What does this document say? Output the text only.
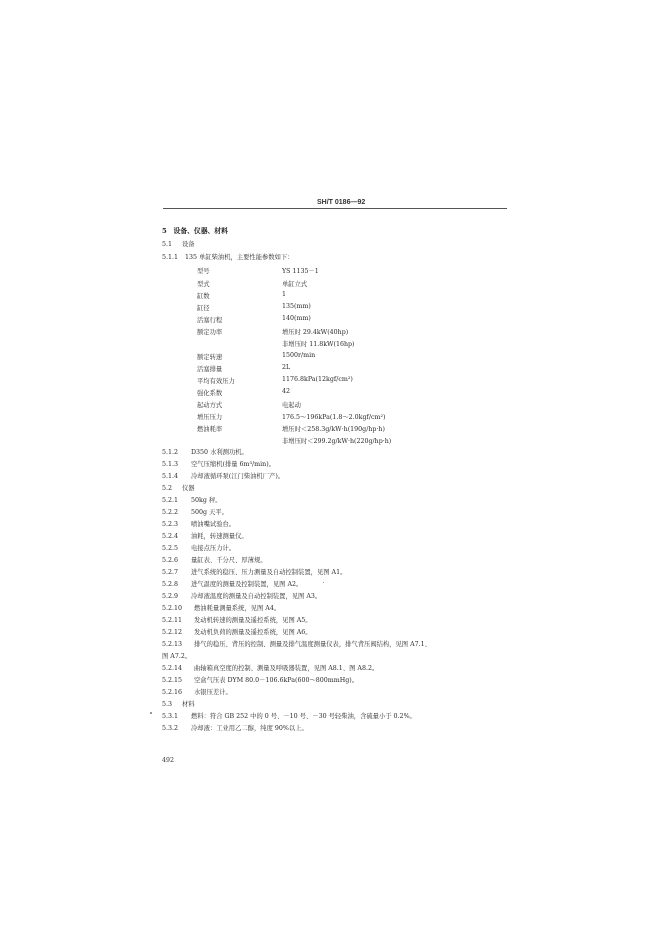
SH/T 0186—92
5　设备、仪器、材料
5.1 设备
5.1.1 135 单缸柴油机，主要性能参数如下：
型号	YS 1135－1
型式	单缸立式
缸数	1
缸径	135(mm)
活塞行程	140(mm)
额定功率	增压时 29.4kW(40hp)
非增压时 11.8kW(16hp)
额定转速	1500r/min
活塞排量	2L
平均有效压力	1176.8kPa(12kgf/cm²)
强化系数	42
起动方式	电起动
增压压力	176.5～196kPa(1.8～2.0kgf/cm²)
燃油耗率	增压时＜258.3g/kW·h(190g/hp·h)
非增压时＜299.2g/kW·h(220g/hp·h)
5.1.2 D350 水利测功机。
5.1.3 空气压缩机(排量 6m³/min)。
5.1.4 冷却液循环泵(江门柴油机厂产)。
5.2 仪器
5.2.1 50kg 秤。
5.2.2 500g 天平。
5.2.3 喷油嘴试验台。
5.2.4 油耗，转速测量仪。
5.2.5 电接点压力计。
5.2.6 量缸表、千分尺、厚薄规。
5.2.7 进气系统的稳压、压力测量及自动控制装置，见图 A1。
5.2.8 进气温度的测量及控制装置，见图 A2。
5.2.9 冷却液温度的测量及自动控制装置，见图 A3。
5.2.10 燃油耗量测量系统，见图 A4。
5.2.11 发动机转速的测量及遥控系统，见图 A5。
5.2.12 发动机负荷的测量及遥控系统，见图 A6。
5.2.13 排气的稳压、背压的控制、测量及排气温度测量仪表，排气背压阀结构，见图 A7.1、
图 A7.2。
5.2.14 曲轴箱真空度的控制、测量及呼吸器装置，见图 A8.1、图 A8.2。
5.2.15 空盒气压表 DYM 80.0－106.6kPa(600～800mmHg)。
5.2.16 水银压差计。
5.3 材料
5.3.1 燃料：符合 GB 252 中的 0 号、－10 号、－30 号轻柴油，含硫量小于 0.2%。
5.3.2 冷却液：工业用乙二醇，纯度 90%以上。
492
